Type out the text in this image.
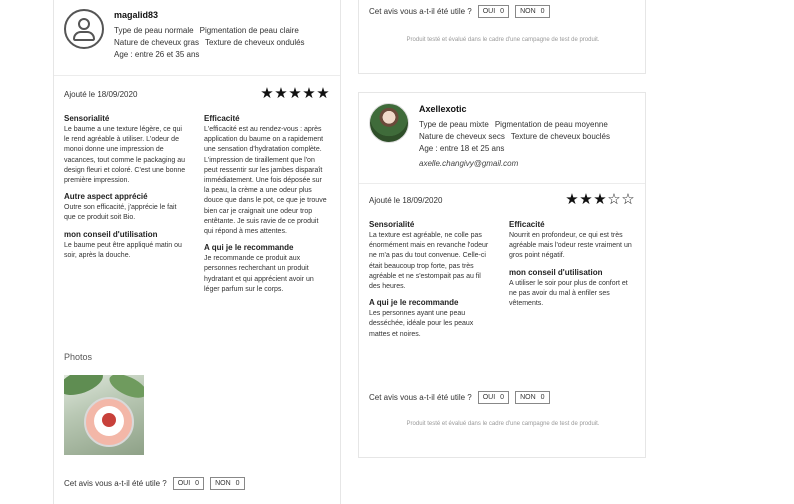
magalid83
Type de peau normale Pigmentation de peau claire
Nature de cheveux gras Texture de cheveux ondulés
Age : entre 26 et 35 ans
Ajouté le 18/09/2020	★★★★★
Sensorialité

Le baume a une texture légère, ce qui le rend agréable à utiliser. L'odeur de monoi donne une impression de vacances, tout comme le packaging au design fleuri et coloré. C'est une bonne première impression.

Autre aspect apprécié

Outre son efficacité, j'apprécie le fait que ce produit soit Bio.

mon conseil d'utilisation

Le baume peut être appliqué matin ou soir, après la douche.

Efficacité

L'efficacité est au rendez-vous : après application du baume on a rapidement une sensation d'hydratation complète. L'impression de tiraillement que l'on peut ressentir sur les jambes disparaît immédiatement. Une fois déposée sur la peau, la crème a une odeur plus douce que dans le pot, ce que je trouve bien car je craignait une odeur trop entêtante. Je suis ravie de ce produit qui répond à mes attentes.

A qui je le recommande

Je recommande ce produit aux personnes recherchant un produit hydratant et qui apprécient avoir un léger parfum sur le corps.

Photos
Cet avis vous a-t-il été utile ? OUI 0 NON 0
Cet avis vous a-t-il été utile ? OUI 0 NON 0
Produit testé et évalué dans le cadre d'une campagne de test de produit.
Axellexotic
Type de peau mixte Pigmentation de peau moyenne
Nature de cheveux secs Texture de cheveux bouclés
Age : entre 18 et 25 ans
axelle.changivy@gmail.com
Ajouté le 18/09/2020	★★★☆☆
Sensorialité

La texture est agréable, ne colle pas énormément mais en revanche l'odeur ne m'a pas du tout convenue. Celle-ci était beaucoup trop forte, pas très agréable et ne s'estompait pas au fil des heures.

A qui je le recommande

Les personnes ayant une peau desséchée, idéale pour les peaux mattes et noires.

Efficacité

Nourrit en profondeur, ce qui est très agréable mais l'odeur reste vraiment un gros point négatif.

mon conseil d'utilisation

A utiliser le soir pour plus de confort et ne pas avoir du mal à enfiler ses vêtements.

Cet avis vous a-t-il été utile ? OUI 0 NON 0
Produit testé et évalué dans le cadre d'une campagne de test de produit.
